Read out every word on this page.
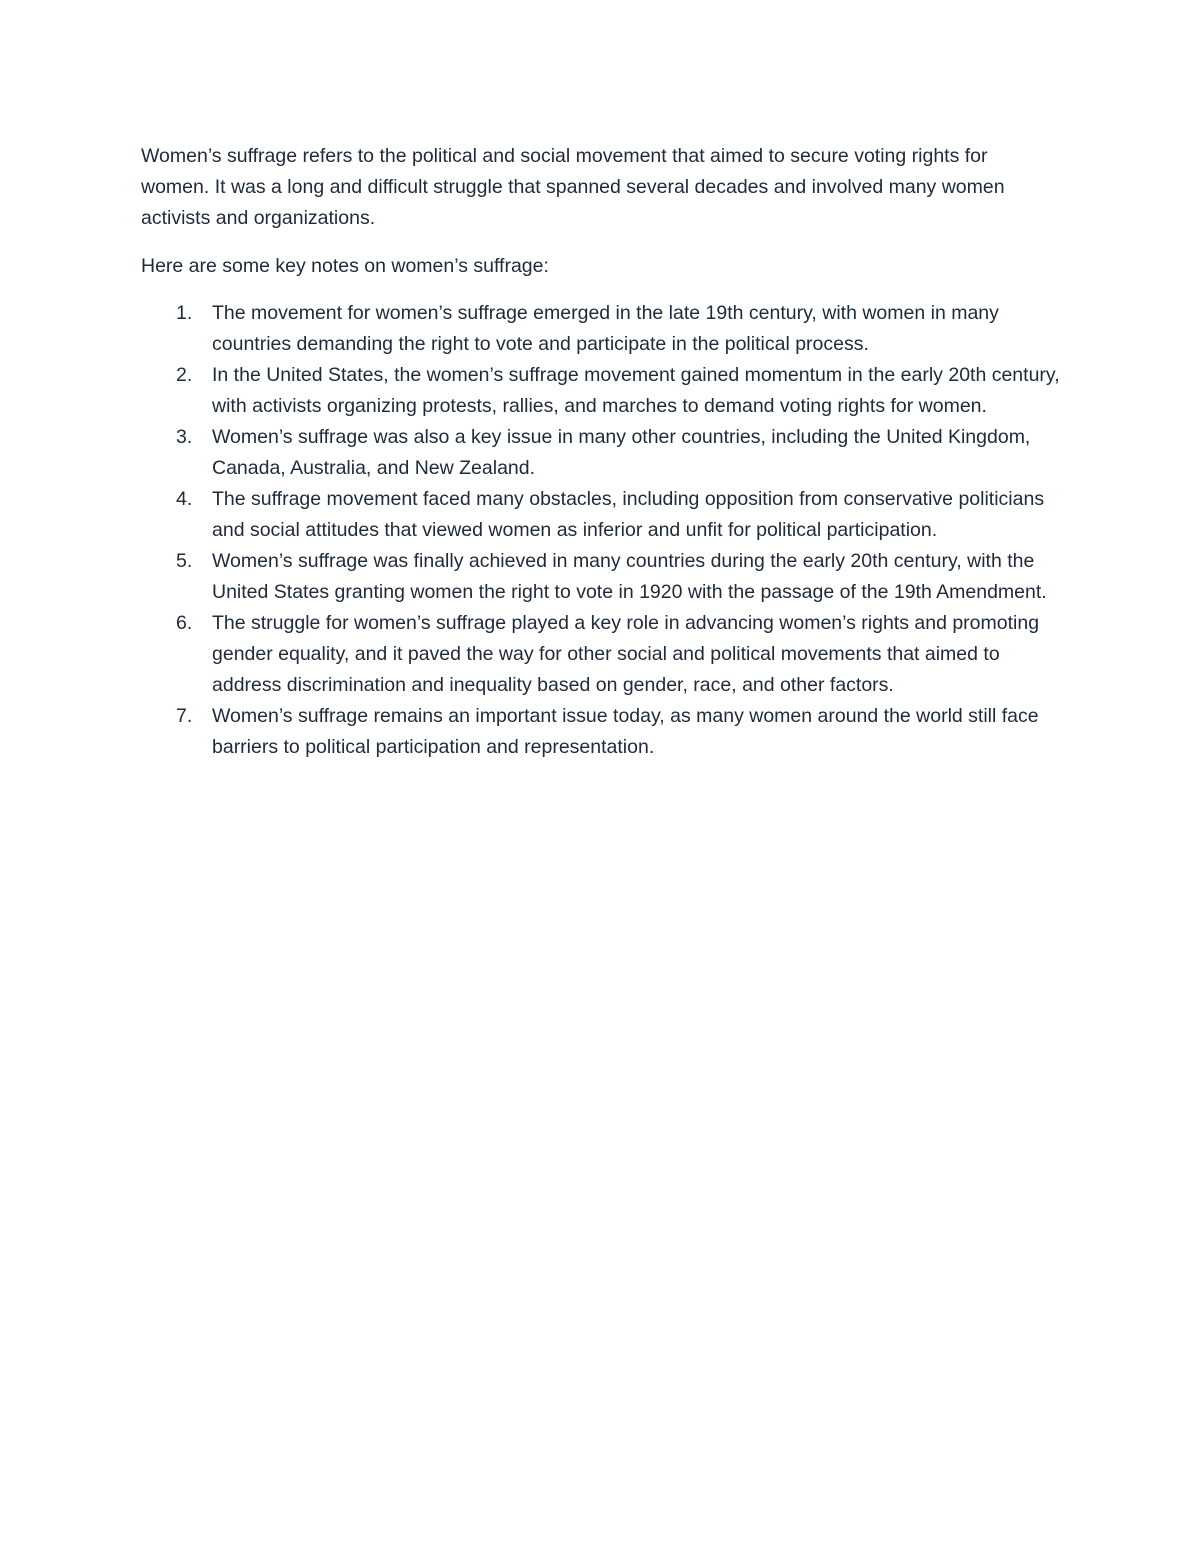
Women’s suffrage refers to the political and social movement that aimed to secure voting rights for women. It was a long and difficult struggle that spanned several decades and involved many women activists and organizations.

Here are some key notes on women’s suffrage:

1.	The movement for women’s suffrage emerged in the late 19th century, with women in many countries demanding the right to vote and participate in the political process.
2.	In the United States, the women’s suffrage movement gained momentum in the early 20th century, with activists organizing protests, rallies, and marches to demand voting rights for women.
3.	Women’s suffrage was also a key issue in many other countries, including the United Kingdom, Canada, Australia, and New Zealand.
4.	The suffrage movement faced many obstacles, including opposition from conservative politicians and social attitudes that viewed women as inferior and unfit for political participation.
5.	Women’s suffrage was finally achieved in many countries during the early 20th century, with the United States granting women the right to vote in 1920 with the passage of the 19th Amendment.
6.	The struggle for women’s suffrage played a key role in advancing women’s rights and promoting gender equality, and it paved the way for other social and political movements that aimed to address discrimination and inequality based on gender, race, and other factors.
7.	Women’s suffrage remains an important issue today, as many women around the world still face barriers to political participation and representation.
